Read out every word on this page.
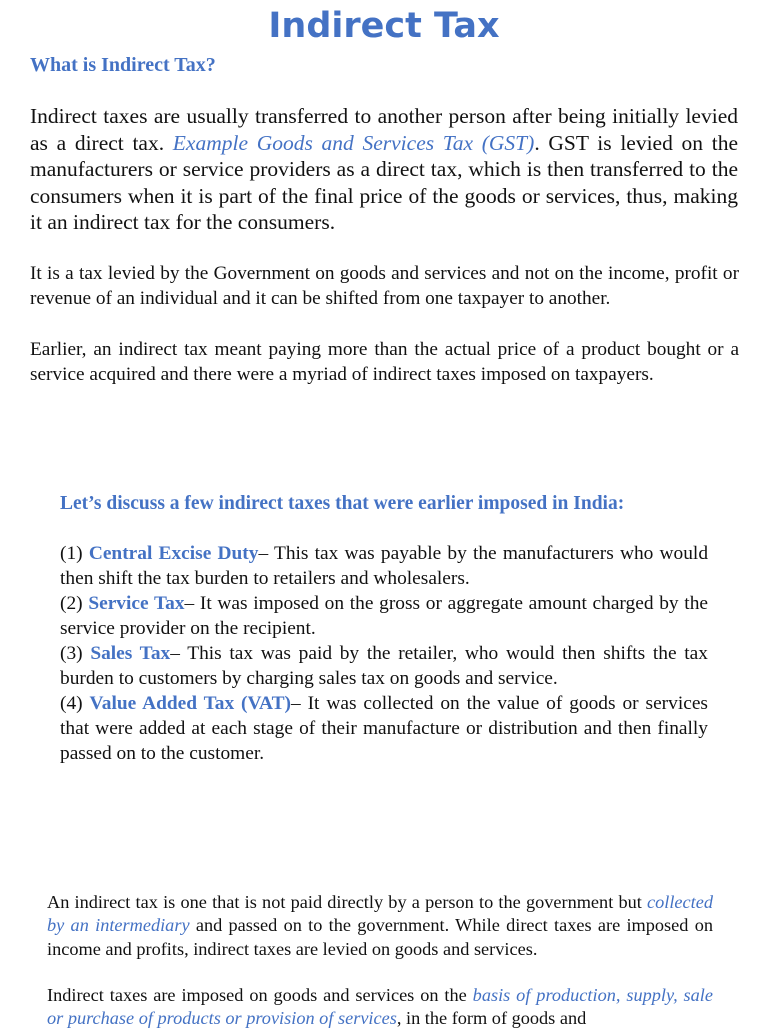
Indirect Tax
What is Indirect Tax?

Indirect taxes are usually transferred to another person after being initially levied as a direct tax. Example Goods and Services Tax (GST). GST is levied on the manufacturers or service providers as a direct tax, which is then transferred to the consumers when it is part of the final price of the goods or services, thus, making it an indirect tax for the consumers.

It is a tax levied by the Government on goods and services and not on the income, profit or revenue of an individual and it can be shifted from one taxpayer to another.

Earlier, an indirect tax meant paying more than the actual price of a product bought or a service acquired and there were a myriad of indirect taxes imposed on taxpayers.

Let’s discuss a few indirect taxes that were earlier imposed in India:
(1) Central Excise Duty– This tax was payable by the manufacturers who would then shift the tax burden to retailers and wholesalers.
(2) Service Tax– It was imposed on the gross or aggregate amount charged by the service provider on the recipient.
(3) Sales Tax– This tax was paid by the retailer, who would then shifts the tax burden to customers by charging sales tax on goods and service.
(4) Value Added Tax (VAT)– It was collected on the value of goods or services that were added at each stage of their manufacture or distribution and then finally passed on to the customer.

An indirect tax is one that is not paid directly by a person to the government but collected by an intermediary and passed on to the government. While direct taxes are imposed on income and profits, indirect taxes are levied on goods and services.

Indirect taxes are imposed on goods and services on the basis of production, supply, sale or purchase of products or provision of services, in the form of goods and
